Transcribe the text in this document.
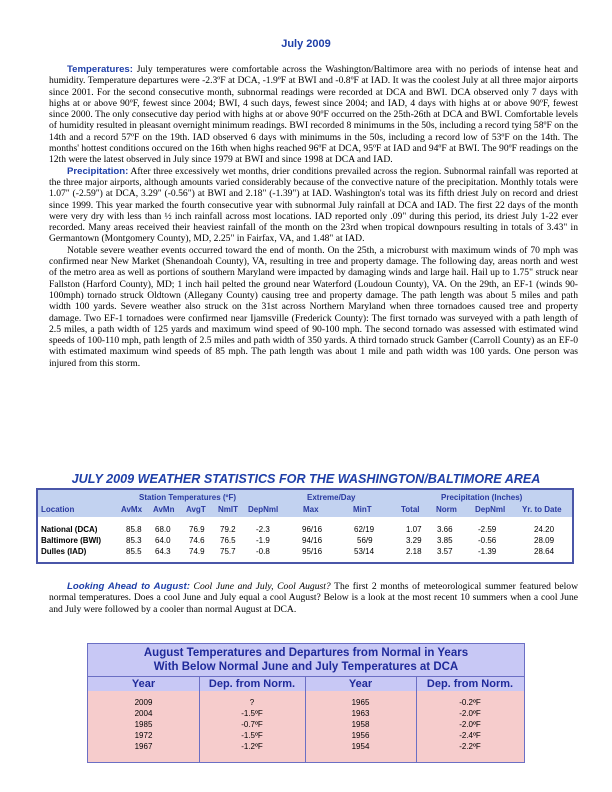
July 2009

Temperatures: July temperatures were comfortable across the Washington/Baltimore area with no periods of intense heat and humidity. Temperature departures were -2.3ºF at DCA, -1.9ºF at BWI and -0.8ºF at IAD. It was the coolest July at all three major airports since 2001. For the second consecutive month, subnormal readings were recorded at DCA and BWI. DCA observed only 7 days with highs at or above 90ºF, fewest since 2004; BWI, 4 such days, fewest since 2004; and IAD, 4 days with highs at or above 90ºF, fewest since 2000. The only consecutive day period with highs at or above 90ºF occurred on the 25th-26th at DCA and BWI. Comfortable levels of humidity resulted in pleasant overnight minimum readings. BWI recorded 8 minimums in the 50s, including a record tying 58ºF on the 14th and a record 57ºF on the 19th. IAD observed 6 days with minimums in the 50s, including a record low of 53ºF on the 14th. The months' hottest conditions occured on the 16th when highs reached 96ºF at DCA, 95ºF at IAD and 94ºF at BWI. The 90ºF readings on the 12th were the latest observed in July since 1979 at BWI and since 1998 at DCA and IAD.

Precipitation: After three excessively wet months, drier conditions prevailed across the region. Subnormal rainfall was reported at the three major airports, although amounts varied considerably because of the convective nature of the precipitation. Monthly totals were 1.07" (-2.59") at DCA, 3.29" (-0.56") at BWI and 2.18" (-1.39") at IAD. Washington's total was its fifth driest July on record and driest since 1999. This year marked the fourth consecutive year with subnormal July rainfall at DCA and IAD. The first 22 days of the month were very dry with less than ½ inch rainfall across most locations. IAD reported only .09" during this period, its driest July 1-22 ever recorded. Many areas received their heaviest rainfall of the month on the 23rd when tropical downpours resulting in totals of 3.43" in Germantown (Montgomery County), MD, 2.25" in Fairfax, VA, and 1.48" at IAD.

Notable severe weather events occurred toward the end of month. On the 25th, a microburst with maximum winds of 70 mph was confirmed near New Market (Shenandoah County), VA, resulting in tree and property damage. The following day, areas north and west of the metro area as well as portions of southern Maryland were impacted by damaging winds and large hail. Hail up to 1.75" struck near Fallston (Harford County), MD; 1 inch hail pelted the ground near Waterford (Loudoun County), VA. On the 29th, an EF-1 (winds 90-100mph) tornado struck Oldtown (Allegany County) causing tree and property damage. The path length was about 5 miles and path width 100 yards. Severe weather also struck on the 31st across Northern Maryland when three tornadoes caused tree and property damage. Two EF-1 tornadoes were confirmed near Ijamsville (Frederick County): The first tornado was surveyed with a path length of 2.5 miles, a path width of 125 yards and maximum wind speed of 90-100 mph. The second tornado was assessed with estimated wind speeds of 100-110 mph, path length of 2.5 miles and path width of 350 yards. A third tornado struck Gamber (Carroll County) as an EF-0 with estimated maximum wind speeds of 85 mph. The path length was about 1 mile and path width was 100 yards. One person was injured from this storm.

JULY 2009 WEATHER STATISTICS FOR THE WASHINGTON/BALTIMORE AREA
Station Temperatures (ºF)	Extreme/Day	Precipitation (Inches)
Location	AvMx AvMn AvgT NmlT DepNml	Max	MinT	Total Norm DepNml Yr. to Date
National (DCA)	85.8 68.0 76.9 79.2	-2.3	96/16	62/19	1.07 3.66	-2.59	24.20
Baltimore (BWI)	85.3 64.0 74.6 76.5	-1.9	94/16	56/9	3.29 3.85	-0.56	28.09
Dulles (IAD)	85.5 64.3 74.9 75.7	-0.8	95/16	53/14	2.18 3.57	-1.39	28.64

Looking Ahead to August: Cool June and July, Cool August? The first 2 months of meteorological summer featured below normal temperatures. Does a cool June and July equal a cool August? Below is a look at the most recent 10 summers when a cool June and July were followed by a cooler than normal August at DCA.

August Temperatures and Departures from Normal in Years
With Below Normal June and July Temperatures at DCA
Year	Dep. from Norm.	Year	Dep. from Norm.
2009	?	1965	-0.2ºF
2004	-1.5ºF	1963	-2.0ºF
1985	-0.7ºF	1958	-2.0ºF
1972	-1.5ºF	1956	-2.4ºF
1967	-1.2ºF	1954	-2.2ºF
